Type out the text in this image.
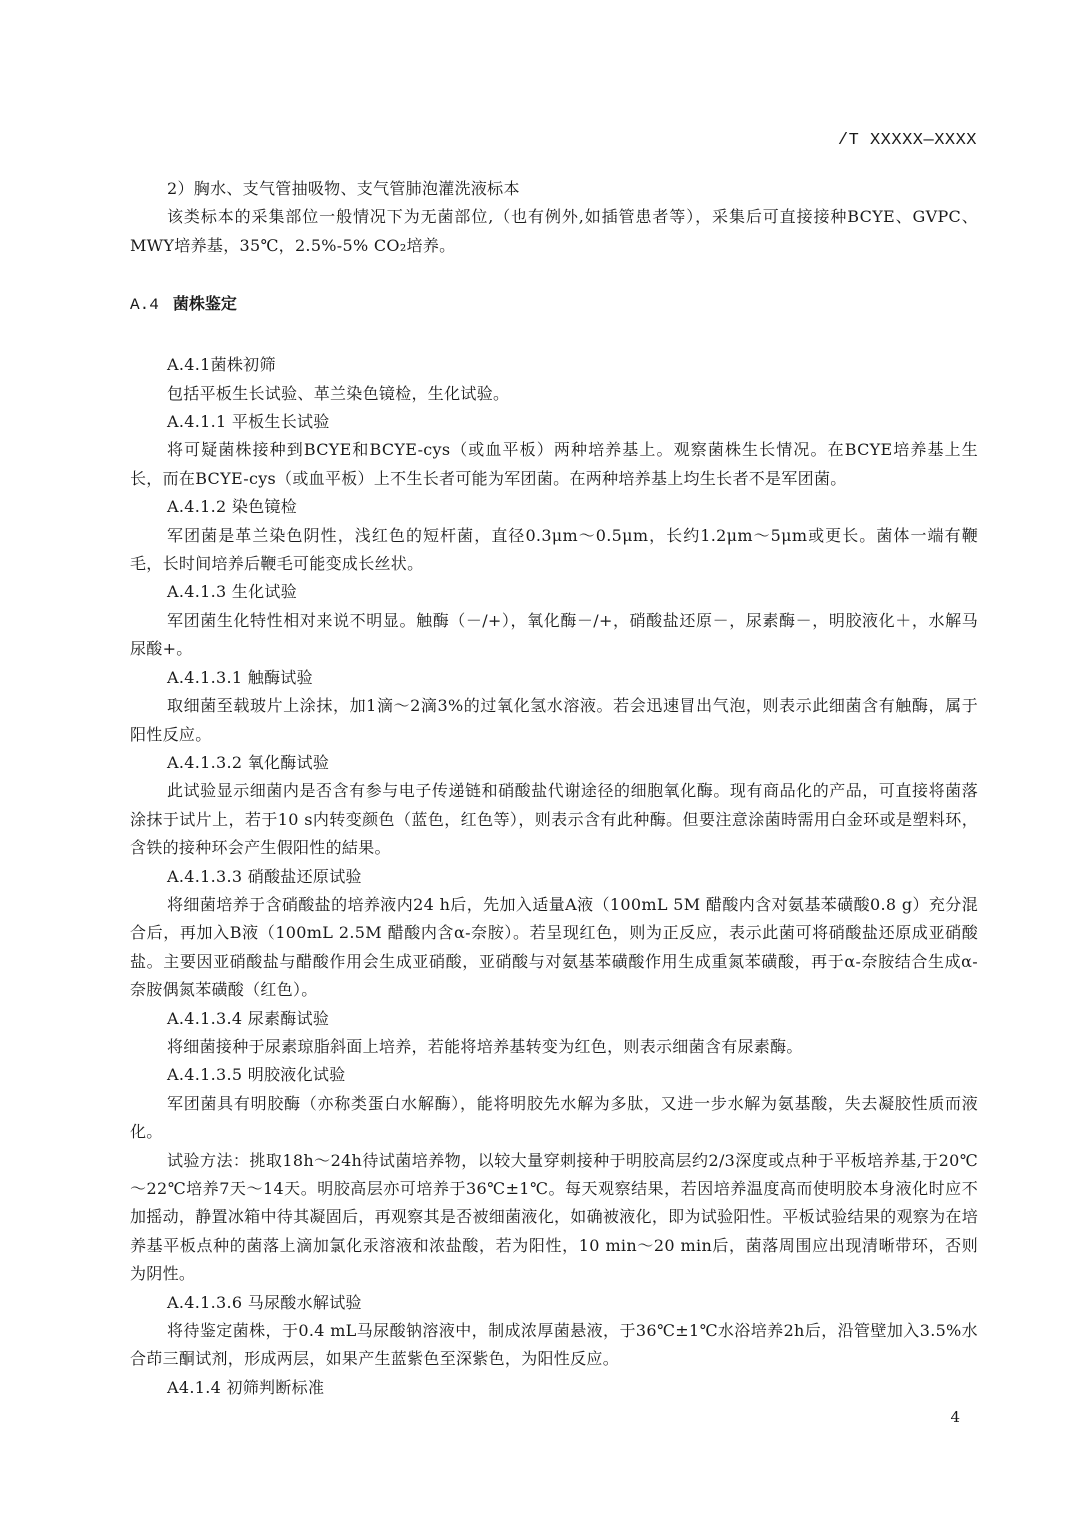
/T XXXXX—XXXX

2）胸水、支气管抽吸物、支气管肺泡灌洗液标本

该类标本的采集部位一般情况下为无菌部位,（也有例外,如插管患者等），采集后可直接接种BCYE、GVPC、MWY培养基，35℃，2.5%-5% CO₂培养。

A.4 菌株鉴定

A.4.1菌株初筛

包括平板生长试验、革兰染色镜检，生化试验。

A.4.1.1 平板生长试验

将可疑菌株接种到BCYE和BCYE-cys（或血平板）两种培养基上。观察菌株生长情况。在BCYE培养基上生长，而在BCYE-cys（或血平板）上不生长者可能为军团菌。在两种培养基上均生长者不是军团菌。

A.4.1.2 染色镜检

军团菌是革兰染色阴性，浅红色的短杆菌，直径0.3μm～0.5μm，长约1.2μm～5μm或更长。菌体一端有鞭毛，长时间培养后鞭毛可能变成长丝状。

A.4.1.3 生化试验

军团菌生化特性相对来说不明显。触酶（－/+），氧化酶－/+，硝酸盐还原－，尿素酶－，明胶液化＋，水解马尿酸+。

A.4.1.3.1 触酶试验

取细菌至载玻片上涂抹，加1滴～2滴3%的过氧化氢水溶液。若会迅速冒出气泡，则表示此细菌含有触酶，属于阳性反应。

A.4.1.3.2 氧化酶试验

此试验显示细菌内是否含有参与电子传递链和硝酸盐代谢途径的细胞氧化酶。现有商品化的产品，可直接将菌落涂抹于试片上，若于10 s内转变颜色（蓝色，红色等），则表示含有此种酶。但要注意涂菌時需用白金环或是塑料环，含铁的接种环会产生假阳性的結果。

A.4.1.3.3 硝酸盐还原试验

将细菌培养于含硝酸盐的培养液内24 h后，先加入适量A液（100mL 5M 醋酸内含对氨基苯磺酸0.8 g）充分混合后，再加入B液（100mL 2.5M 醋酸内含α-奈胺）。若呈现红色，则为正反应，表示此菌可将硝酸盐还原成亚硝酸盐。主要因亚硝酸盐与醋酸作用会生成亚硝酸，亚硝酸与对氨基苯磺酸作用生成重氮苯磺酸，再于α-奈胺结合生成α-奈胺偶氮苯磺酸（红色）。

A.4.1.3.4 尿素酶试验

将细菌接种于尿素琼脂斜面上培养，若能将培养基转变为红色，则表示细菌含有尿素酶。

A.4.1.3.5 明胶液化试验

军团菌具有明胶酶（亦称类蛋白水解酶），能将明胶先水解为多肽，又进一步水解为氨基酸，失去凝胶性质而液化。

试验方法：挑取18h～24h待试菌培养物，以较大量穿刺接种于明胶高层约2/3深度或点种于平板培养基,于20℃～22℃培养7天～14天。明胶高层亦可培养于36℃±1℃。每天观察结果，若因培养温度高而使明胶本身液化时应不加摇动，静置冰箱中待其凝固后，再观察其是否被细菌液化，如确被液化，即为试验阳性。平板试验结果的观察为在培养基平板点种的菌落上滴加氯化汞溶液和浓盐酸，若为阳性，10 min～20 min后，菌落周围应出现清晰带环，否则为阴性。

A.4.1.3.6 马尿酸水解试验

将待鉴定菌株，于0.4 mL马尿酸钠溶液中，制成浓厚菌悬液，于36℃±1℃水浴培养2h后，沿管壁加入3.5%水合茚三酮试剂，形成两层，如果产生蓝紫色至深紫色，为阳性反应。

A4.1.4 初筛判断标准

4
